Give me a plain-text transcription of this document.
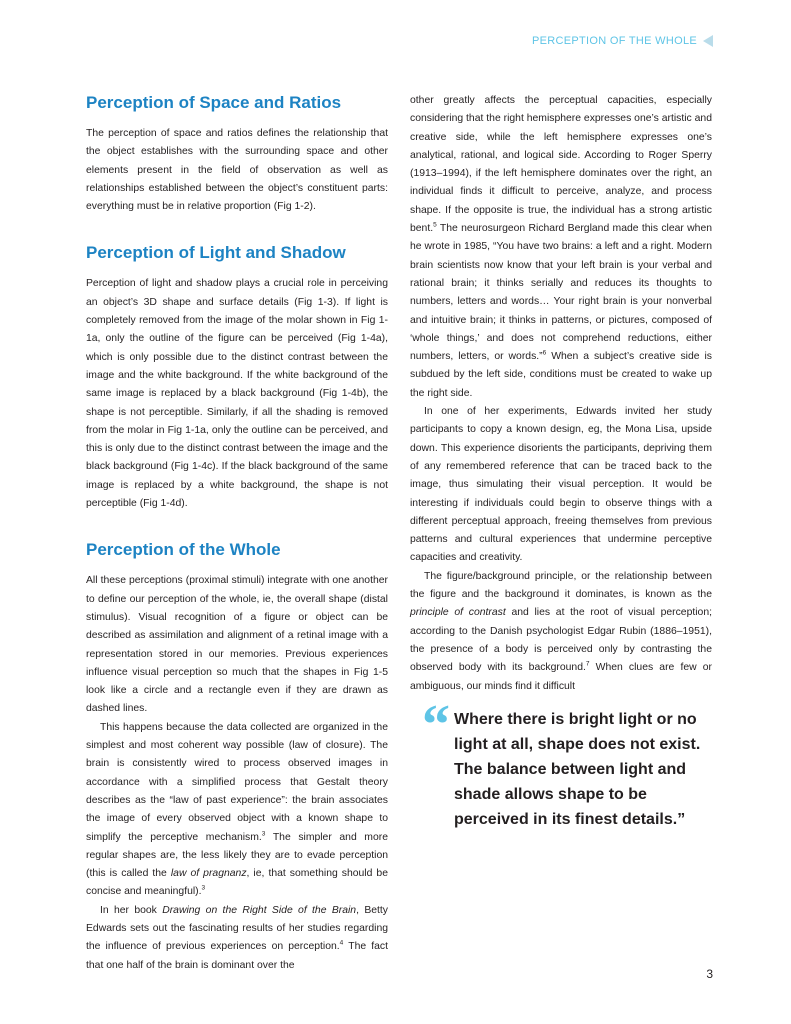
PERCEPTION OF THE WHOLE
Perception of Space and Ratios

The perception of space and ratios defines the relationship that the object establishes with the surrounding space and other elements present in the field of observation as well as relationships established between the object’s constituent parts: everything must be in relative proportion (Fig 1-2).

Perception of Light and Shadow

Perception of light and shadow plays a crucial role in perceiving an object’s 3D shape and surface details (Fig 1-3). If light is completely removed from the image of the molar shown in Fig 1-1a, only the outline of the figure can be perceived (Fig 1-4a), which is only possible due to the distinct contrast between the image and the white background. If the white background of the same image is replaced by a black background (Fig 1-4b), the shape is not perceptible. Similarly, if all the shading is removed from the molar in Fig 1-1a, only the outline can be perceived, and this is only due to the distinct contrast between the image and the black background (Fig 1-4c). If the black background of the same image is replaced by a white background, the shape is not perceptible (Fig 1-4d).

Perception of the Whole

All these perceptions (proximal stimuli) integrate with one another to define our perception of the whole, ie, the overall shape (distal stimulus). Visual recognition of a figure or object can be described as assimilation and alignment of a retinal image with a representation stored in our memories. Previous experiences influence visual perception so much that the shapes in Fig 1-5 look like a circle and a rectangle even if they are drawn as dashed lines.

This happens because the data collected are organized in the simplest and most coherent way possible (law of closure). The brain is consistently wired to process observed images in accordance with a simplified process that Gestalt theory describes as the “law of past experience”: the brain associates the image of every observed object with a known shape to simplify the perceptive mechanism.$^3$ The simpler and more regular shapes are, the less likely they are to evade perception (this is called the law of pragnanz, ie, that something should be concise and meaningful).$^3$

In her book Drawing on the Right Side of the Brain, Betty Edwards sets out the fascinating results of her studies regarding the influence of previous experiences on perception.$^4$ The fact that one half of the brain is dominant over the

other greatly affects the perceptual capacities, especially considering that the right hemisphere expresses one’s artistic and creative side, while the left hemisphere expresses one’s analytical, rational, and logical side. According to Roger Sperry (1913–1994), if the left hemisphere dominates over the right, an individual finds it difficult to perceive, analyze, and process shape. If the opposite is true, the individual has a strong artistic bent.$^5$ The neurosurgeon Richard Bergland made this clear when he wrote in 1985, “You have two brains: a left and a right. Modern brain scientists now know that your left brain is your verbal and rational brain; it thinks serially and reduces its thoughts to numbers, letters and words… Your right brain is your nonverbal and intuitive brain; it thinks in patterns, or pictures, composed of ‘whole things,’ and does not comprehend reductions, either numbers, letters, or words.”$^6$ When a subject’s creative side is subdued by the left side, conditions must be created to wake up the right side.

In one of her experiments, Edwards invited her study participants to copy a known design, eg, the Mona Lisa, upside down. This experience disorients the participants, depriving them of any remembered reference that can be traced back to the image, thus simulating their visual perception. It would be interesting if individuals could begin to observe things with a different perceptual approach, freeing themselves from previous patterns and cultural experiences that undermine perceptive capacities and creativity.

The figure/background principle, or the relationship between the figure and the background it dominates, is known as the principle of contrast and lies at the root of visual perception; according to the Danish psychologist Edgar Rubin (1886–1951), the presence of a body is perceived only by contrasting the observed body with its background.$^7$ When clues are few or ambiguous, our minds find it difficult

“ Where there is bright light or no light at all, shape does not exist. The balance between light and shade allows shape to be perceived in its finest details.”
3
